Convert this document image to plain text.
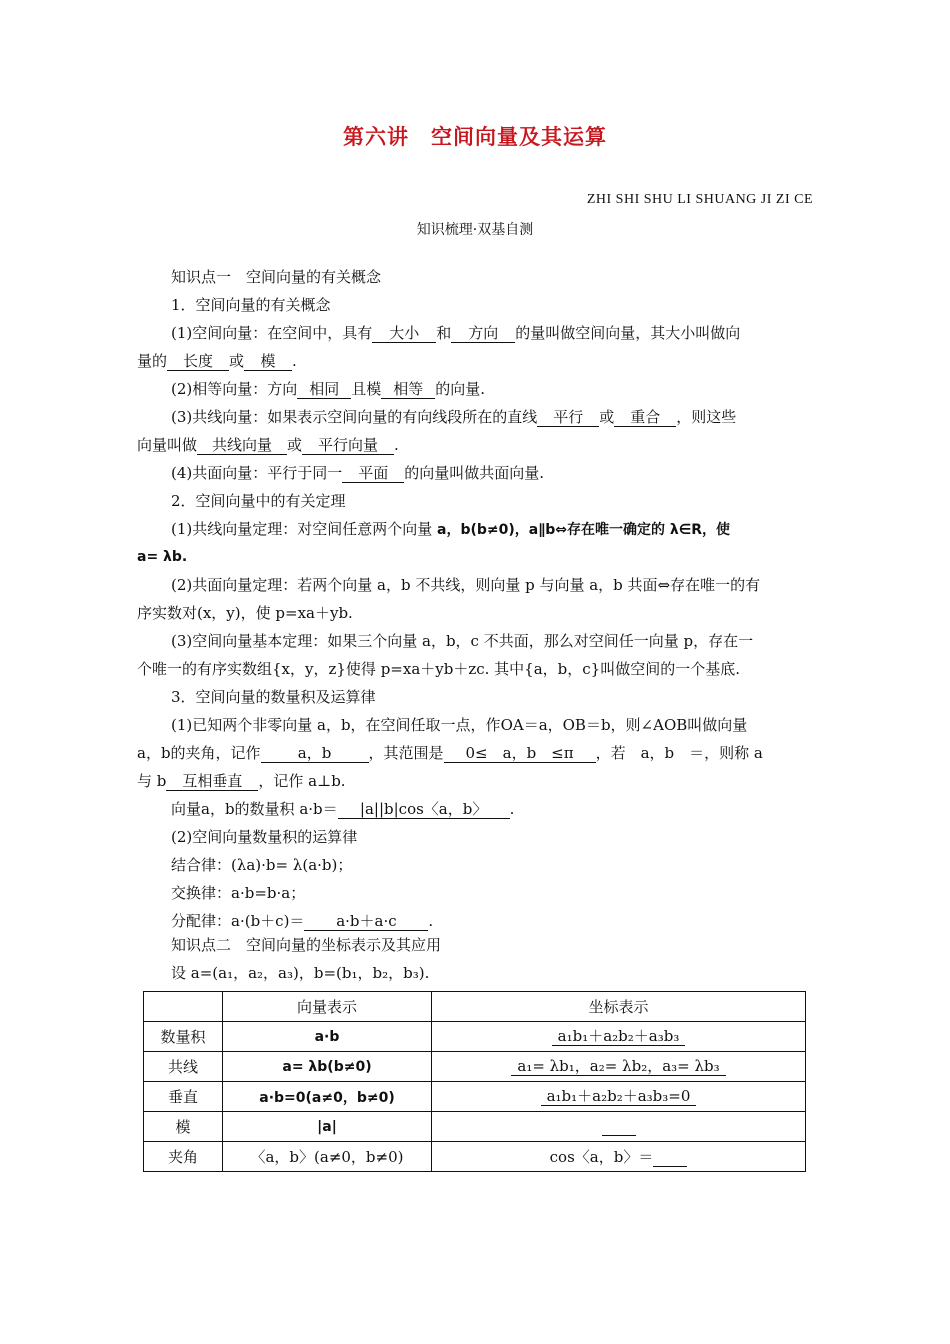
第六讲　空间向量及其运算
ZHI SHI SHU LI SHUANG JI ZI CE
知识梳理·双基自测
知识点一　空间向量的有关概念
1．空间向量的有关概念
(1)空间向量：在空间中，具有 大小 和 方向 的量叫做空间向量，其大小叫做向
量的 长度 或 模 .
(2)相等向量：方向 相同 且模 相等 的向量.
(3)共线向量：如果表示空间向量的有向线段所在的直线 平行 或 重合 ，则这些
向量叫做 共线向量 或 平行向量 .
(4)共面向量：平行于同一 平面 的向量叫做共面向量.
2．空间向量中的有关定理
(1)共线向量定理：对空间任意两个向量 a，b(b≠0)，a∥b⇔存在唯一确定的 λ∈R，使
a= λb.
(2)共面向量定理：若两个向量 a，b 不共线，则向量 p 与向量 a，b 共面⇔存在唯一的有
序实数对(x，y)，使 p=xa＋yb.
(3)空间向量基本定理：如果三个向量 a，b，c 不共面，那么对空间任一向量 p，存在一
个唯一的有序实数组{x，y，z}使得 p=xa＋yb＋zc. 其中{a，b，c}叫做空间的一个基底.
3．空间向量的数量积及运算律
(1)已知两个非零向量 a，b，在空间任取一点，作OA＝a，OB＝b，则∠AOB叫做向量
a，b的夹角，记作 a，b ，其范围是 0≤　a，b　≤π ，若　a，b　＝，则称 a
与 b 互相垂直 ，记作 a⊥b.
向量a，b的数量积 a·b＝ |a||b|cos〈a，b〉 .
(2)空间向量数量积的运算律
结合律：(λa)·b= λ(a·b)；
交换律：a·b=b·a；
分配律：a·(b＋c)＝ a·b＋a·c .
知识点二　空间向量的坐标表示及其应用
设 a=(a₁，a₂，a₃)，b=(b₁，b₂，b₃).
	向量表示	坐标表示
数量积	a·b	a₁b₁＋a₂b₂＋a₃b₃
共线	a= λb(b≠0)	a₁= λb₁，a₂= λb₂，a₃= λb₃
垂直	a·b=0(a≠0，b≠0)	a₁b₁＋a₂b₂＋a₃b₃=0
模	|a|	
夹角	〈a，b〉(a≠0，b≠0)	cos〈a，b〉＝
